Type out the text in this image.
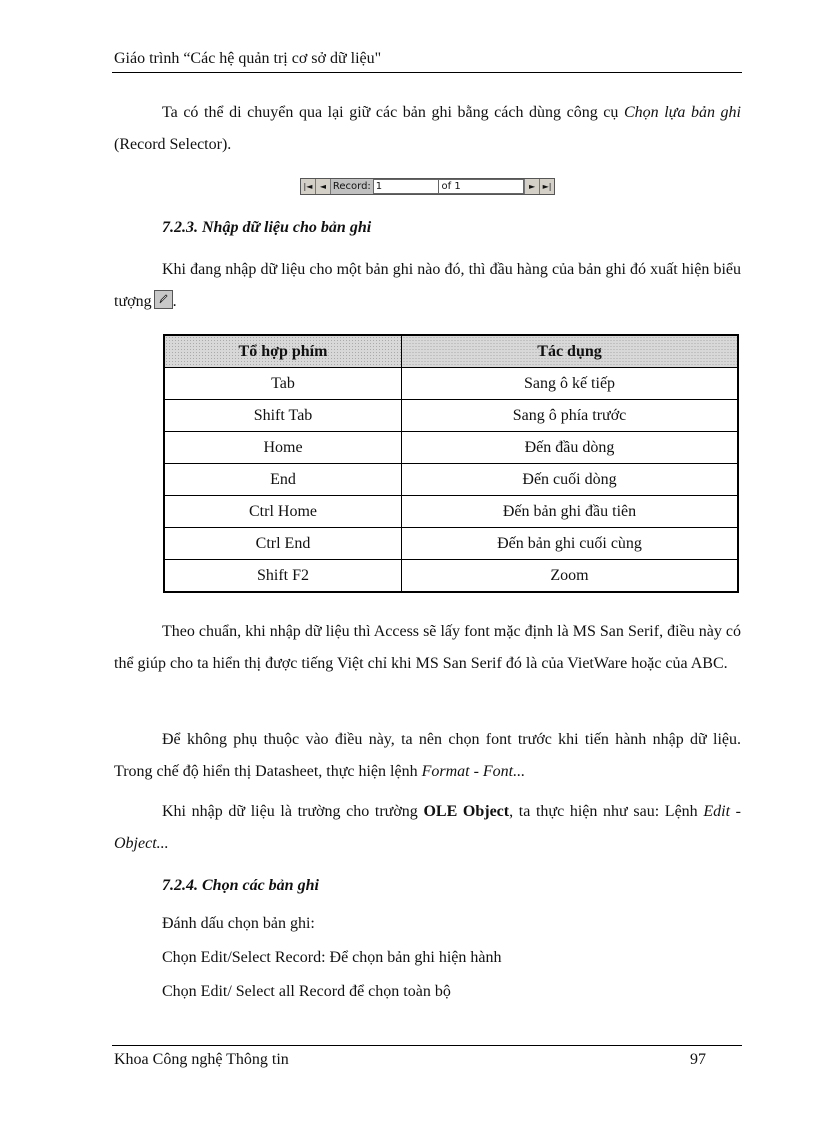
Giáo trình “Các hệ quản trị cơ sở dữ liệu"
Ta có thể di chuyển qua lại giữ các bản ghi bằng cách dùng công cụ Chọn lựa bản ghi (Record Selector).
|◄ ◄ Record: 1	of 1	► ►|
7.2.3. Nhập dữ liệu cho bản ghi
Khi đang nhập dữ liệu cho một bản ghi nào đó, thì đầu hàng của bản ghi đó xuất hiện biểu tượng .
Tổ hợp phím	Tác dụng
Tab	Sang ô kế tiếp
Shift Tab	Sang ô phía trước
Home	Đến đầu dòng
End	Đến cuối dòng
Ctrl Home	Đến bản ghi đầu tiên
Ctrl End	Đến bản ghi cuối cùng
Shift F2	Zoom
Theo chuẩn, khi nhập dữ liệu thì Access sẽ lấy font mặc định là MS San Serif, điều này có thể giúp cho ta hiển thị được tiếng Việt chỉ khi MS San Serif đó là của VietWare hoặc của ABC.
Để không phụ thuộc vào điều này, ta nên chọn font trước khi tiến hành nhập dữ liệu. Trong chế độ hiển thị Datasheet, thực hiện lệnh Format - Font...
Khi nhập dữ liệu là trường cho trường OLE Object, ta thực hiện như sau: Lệnh Edit - Object...
7.2.4. Chọn các bản ghi
Đánh dấu chọn bản ghi:
Chọn Edit/Select Record: Để chọn bản ghi hiện hành
Chọn Edit/ Select all Record để chọn toàn bộ
Khoa Công nghệ Thông tin	97
